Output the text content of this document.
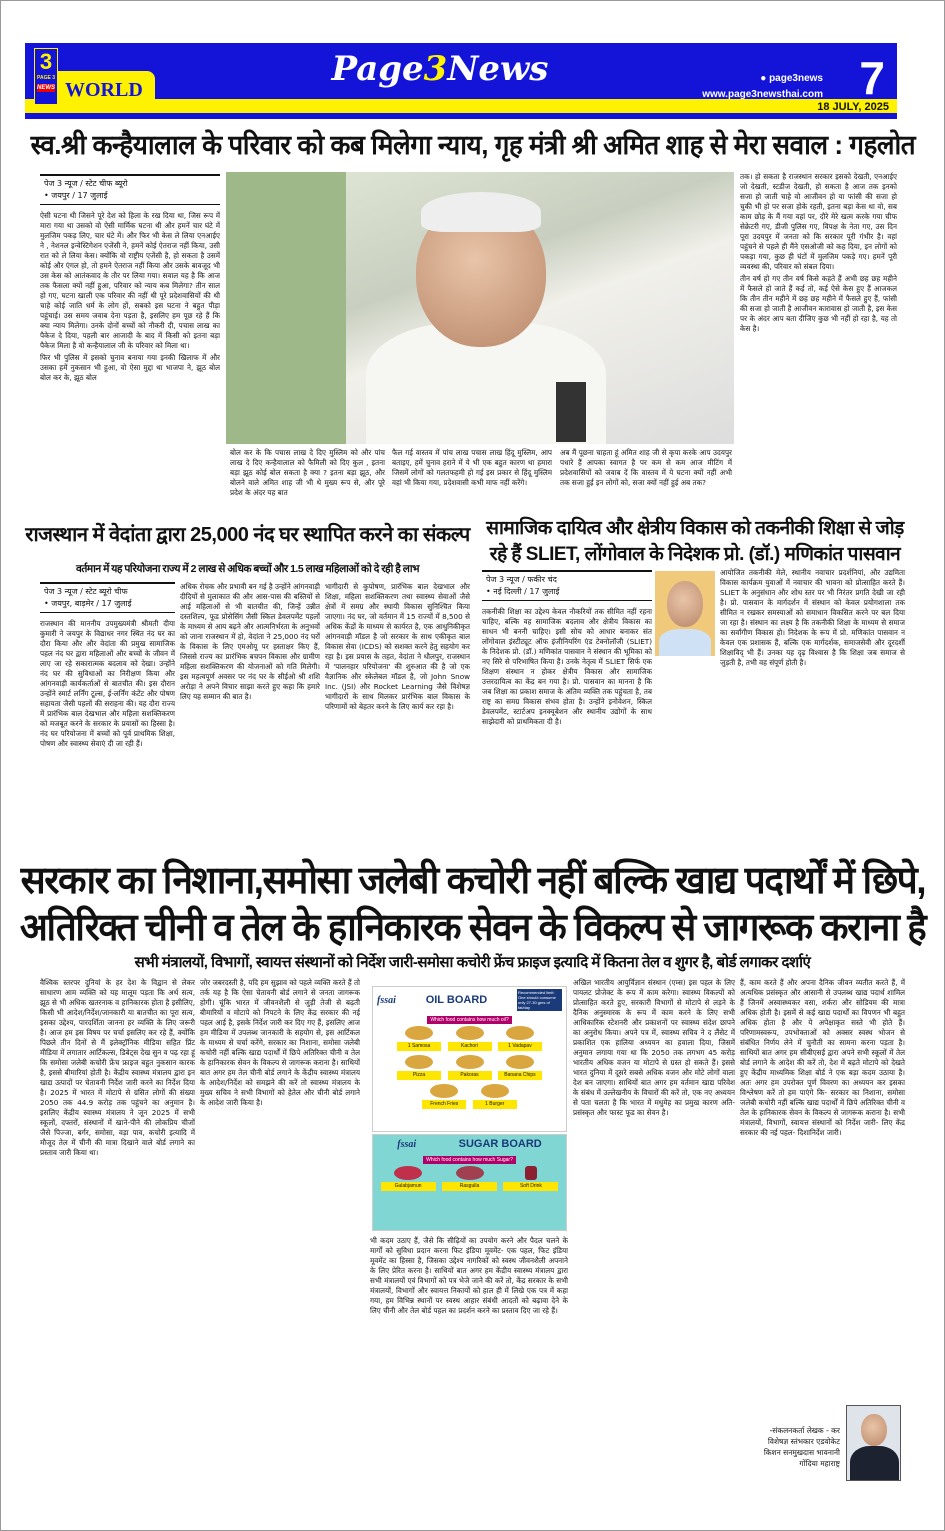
3
PAGE 3
NEWS WORLD
Page3News	● page3news
www.page3newsthai.com 7
18 JULY, 2025
स्व.श्री कन्हैयालाल के परिवार को कब मिलेगा न्याय, गृह मंत्री श्री अमित शाह से मेरा सवाल : गहलोत
पेज 3 न्यूज / स्टेट चीफ ब्यूरो
• जयपुर / 17 जुलाई

ऐसी घटना थी जिसने पूरे देश को हिला के रख दिया था, जिस रूप में मारा गया था उसको वो ऐसी मार्मिक घटना थी और हमनें चार घंटे में मुलजिम पकड़ लिए, चार घंटे में। और फिर भी केस ले लिया एनआईए ने , नेशनल इन्वेस्टिगेशन एजेंसी ने, हमनें कोई ऐतराज नहीं किया, उसी रात को ले लिया केस। क्योंकि वो राष्ट्रीय एजेंसी है, हो सकता है उसमें कोई और एंगल हो, तो हमने ऐतराज नहीं किया और उसके बावजूद भी उस केस को आतंकवाद के तौर पर लिया गया। सवाल यह है कि आज तक फैसला क्यों नहीं हुआ, परिवार को न्याय कब मिलेगा? तीन साल हो गए, घटना खाली एक परिवार की नहीं थी पूरे प्रदेशवासियों की थी चाहे कोई जाति धर्म के लोग हों, सबको इस घटना ने बहुत पीड़ा पहुंचाई। उस समय जवाब देना पड़ता है, इसलिए हम पूछ रहे हैं कि क्या न्याय मिलेगा। उनके दोनों बच्चों को नौकरी दी, पचास लाख का पैकेज दे दिया, पहली बार आजादी के बाद में किसी को इतना बड़ा पैकेज मिला है वो कन्हैयालाल जी के परिवार को मिला था।

फिर भी पुलिस में इसको चुनाव बनाया गया इनकी खिलाफ में और उसका हमें नुकसान भी हुआ, वो ऐसा मुद्दा था भाजपा ने, झूठ बोल बोल कर के, झूठ बोल

बोल कर के कि पचास लाख दे दिए मुस्लिम को और पांच लाख दे दिए कन्हैयालाल को फैमिली को दिए कुल , इतना बड़ा झूठ कोई बोल सकता है क्या ? इतना बड़ा झूठ, और बोलने वाले अमित शाह जी भी थे मुख्य रूप से, और पूरे प्रदेश के अंदर यह बात
फैल गई वास्तव में पांच लाख पचास लाख हिंदू मुस्लिम, आप बताइए, हमें चुनाव हराने में ये भी एक बहुत कारण था हमारा जिसमें लोगों को गलतफहमी हो गई इस प्रकार से हिंदू मुस्लिम वहां भी किया गया, प्रदेशवासी कभी माफ नहीं करेंगे।
अब मैं पूछना चाहता हूं अमित शाह जी से कृपा करके आप उदयपुर पधारे हैं आपका स्वागत है पर कम से कम आज मीटिंग में प्रदेशवासियों को जवाब दें कि वास्तव में ये घटना क्यों नहीं अभी तक सजा हुई इन लोगों को, सजा क्यों नहीं हुई अब तक?

तक। हो सकता है राजस्थान सरकार इसको देखती, एनआईए जो देखती, स्टडीज देखती, हो सकता है आज तक इनको सजा हो जाती चाहे वो आजीवन हो या फांसी की सजा हो चुकी भी हो पर सजा होके रहती, इतना बड़ा केस था वो, सब काम छोड़ के मैं गया वहां पर, दौरे मेरे खत्म करके गया चीफ सेक्रेटरी गए, डीजी पुलिस गए, विपक्ष के नेता गए, उस दिन पूरा उदयपुर में जनता को कि सरकार पूरी गंभीर है। वहां पहुंचने से पहले ही मैंने एसओजी को कह दिया, इन लोगों को पकड़ा गया, कुछ ही घंटों में मुलजिम पकड़े गए। हमनें पूरी व्यवस्था की, परिवार को संबल दिया।

तीन वर्ष हो गए तीन वर्ष किसे कहते हैं अभी छह छह महीने में फैसले हो जाते हैं कई तो, कई ऐसे केस हुए हैं आजकल कि तीन तीन महीने में छह छह महीने में फैसले हुए हैं, फांसी की सजा हो जाती है आजीवन कारावास हो जाती है, इस केस पर के अंदर आप बता दीजिए कुछ भी नहीं हो रहा है, यह तो केस है।

राजस्थान में वेदांता द्वारा 25,000 नंद घर स्थापित करने का संकल्प
वर्तमान में यह परियोजना राज्य में 2 लाख से अधिक बच्चों और 1.5 लाख महिलाओं को दे रही है लाभ
पेज 3 न्यूज / स्टेट ब्यूरो चीफ
• जयपुर, बाड़मेर / 17 जुलाई

राजस्थान की माननीय उपमुख्यमंत्री श्रीमती दीया कुमारी ने जयपुर के विद्याधर नगर स्थित नंद घर का दौरा किया और और वेदांता की प्रमुख सामाजिक पहल नंद घर द्वारा महिलाओं और बच्चों के जीवन में लाए जा रहे सकारात्मक बदलाव को देखा। उन्होंने नंद घर की सुविधाओं का निरीक्षण किया और आंगनवाड़ी कार्यकर्ताओं से बातचीत की। इस दौरान उन्होंने स्मार्ट लर्निंग टूल्स, ई-लर्निंग कंटेंट और पोषण सहायता जैसी पहलों की सराहना की। यह दौरा राज्य में प्रारंभिक बाल देखभाल और महिला सशक्तिकरण को मजबूत करने के सरकार के प्रयासों का हिस्सा है। नंद घर परियोजना में बच्चों को पूर्व प्राथमिक शिक्षा, पोषण और स्वास्थ्य सेवाएं दी जा रही हैं।

अधिक रोचक और प्रभावी बन गई है उन्होंने आंगनवाड़ी दीदियों से मुलाकात की और आस-पास की बस्तियों से आई महिलाओं से भी बातचीत की, जिन्हें उन्नीत दस्तशिल्प, फूड प्रोसेसिंग जैसी स्किल डेवलपमेंट पहलों के माध्यम से आय बढ़ने और आत्मनिर्भरता के अनुभवों को जाना राजस्थान में हो, वेदांता ने 25,000 नंद घरों के विकास के लिए एमओयू पर हस्ताक्षर किए हैं, जिससे राज्य का प्रारंभिक बचपन विकास और ग्रामीण महिला सशक्तिकरण की योजनाओं को गति मिलेगी। इस महत्वपूर्ण अवसर पर नंद घर के सीईओ श्री शशि अरोड़ा ने अपने विचार साझा करते हुए कहा कि हमारे लिए यह सम्मान की बात है।
भागीदारी से कुपोषण, प्रारंभिक बाल देखभाल और शिक्षा, महिला सशक्तिकरण तथा स्वास्थ्य सेवाओं जैसे क्षेत्रों में समग्र और स्थायी विकास सुनिश्चित किया जाएगा। नंद घर, जो वर्तमान में 15 राज्यों में 8,500 से अधिक केंद्रों के माध्यम से कार्यरत है, एक आधुनिकीकृत आंगनवाड़ी मॉडल है जो सरकार के साथ एकीकृत बाल विकास सेवा (ICDS) को सशक्त करने हेतु सहयोग कर रहा है। इस प्रयास के तहत, वेदांता ने धौलपुर, राजस्थान में 'पालनहार परियोजना' की शुरुआत की है जो एक वैज्ञानिक और स्केलेबल मॉडल है, जो John Snow Inc. (JSI) और Rocket Learning जैसे विशेषज्ञ भागीदारों के साथ मिलकर प्रारंभिक बाल विकास के परिणामों को बेहतर करने के लिए कार्य कर रहा है।
सामाजिक दायित्व और क्षेत्रीय विकास को तकनीकी शिक्षा से जोड़
रहे हैं SLIET, लोंगोवाल के निदेशक प्रो. (डॉ.) मणिकांत पासवान
पेज 3 न्यूज / फकीर चंद
• नई दिल्ली / 17 जुलाई

तकनीकी शिक्षा का उद्देश्य केवल नौकरियों तक सीमित नहीं रहना चाहिए, बल्कि वह सामाजिक बदलाव और क्षेत्रीय विकास का साधन भी बननी चाहिए। इसी सोच को आधार बनाकर संत लोंगोवाल इंस्टीट्यूट ऑफ इंजीनियरिंग एंड टेक्नोलॉजी (SLIET) के निदेशक प्रो. (डॉ.) मणिकांत पासवान ने संस्थान की भूमिका को नए सिरे से परिभाषित किया है। उनके नेतृत्व में SLIET सिर्फ एक शिक्षण संस्थान न होकर क्षेत्रीय विकास और सामाजिक उत्तरदायित्व का केंद्र बन गया है। प्रो. पासवान का मानना है कि जब शिक्षा का प्रकाश समाज के अंतिम व्यक्ति तक पहुंचता है, तब राष्ट्र का समग्र विकास संभव होता है। उन्होंने इनोवेशन, स्किल डेवलपमेंट, स्टार्टअप इनक्यूबेशन और स्थानीय उद्योगों के साथ साझेदारी को प्राथमिकता दी है।

आयोजित तकनीकी मेले, स्थानीय नवाचार प्रदर्शनियां, और उद्यमिता विकास कार्यक्रम युवाओं में नवाचार की भावना को प्रोत्साहित करते हैं। SLIET के अनुसंधान और शोध स्तर पर भी निरंतर प्रगति देखी जा रही है। प्रो. पासवान के मार्गदर्शन में संस्थान को केवल प्रयोगशाला तक सीमित न रखकर समस्याओं को समाधान विकसित करने पर बल दिया जा रहा है। संस्थान का लक्ष्य है कि तकनीकी शिक्षा के माध्यम से समाज का सर्वांगीण विकास हो। निदेशक के रूप में प्रो. मणिकांत पासवान न केवल एक प्रशासक हैं, बल्कि एक मार्गदर्शक, समाजसेवी और दूरदर्शी शिक्षाविद् भी हैं। उनका यह दृढ़ विश्वास है कि शिक्षा जब समाज से जुड़ती है, तभी वह संपूर्ण होती है।
सरकार का निशाना,समोसा जलेबी कचोरी नहीं बल्कि खाद्य पदार्थों में छिपे,
अतिरिक्त चीनी व तेल के हानिकारक सेवन के विकल्प से जागरूक कराना है
सभी मंत्रालयों, विभागों, स्वायत्त संस्थानों को निर्देश जारी-समोसा कचोरी फ्रेंच फ्राइज इत्यादि में कितना तेल व शुगर है, बोर्ड लगाकर दर्शाएं
वैश्विक स्तरपर दुनियां के हर देश के विद्वान से लेकर साधारण आम व्यक्ति को यह मालूम पड़ता कि अर्थ सत्य, झूठ से भी अधिक खतरनाक व हानिकारक होता है इसीलिए, किसी भी आदेश/निर्देश/जानकारी या बातचीत का पूरा सत्य, इसका उद्देश्य, पारदर्शिता जानना हर व्यक्ति के लिए जरूरी है। आज हम इस विषय पर चर्चा इसलिए कर रहे हैं, क्योंकि पिछले तीन दिनों से मैं इलेक्ट्रॉनिक मीडिया सहित प्रिंट मीडिया में लगातार आर्टिकल्स, डिबेट्स देख सुन व पढ़ रहा हूं कि समोसा जलेबी कचोरी फ्रेंच फ्राइज बहुत नुकसान कारक है, इससे बीमारियां होती है। केंद्रीय स्वास्थ्य मंत्रालय द्वारा इन खाद्य उत्पादों पर चेतावनी निर्देश जारी करने का निर्देश दिया है। 2025 में भारत में मोटापे से ग्रसित लोगों की संख्या 2050 तक 44.9 करोड़ तक पहुंचने का अनुमान है। इसलिए केंद्रीय स्वास्थ्य मंत्रालय ने जून 2025 में सभी स्कूलों, दफ्तरों, संस्थानों में खाने-पीने की लोकप्रिय चीजों जैसे पिज्जा, बर्गर, समोसा, वड़ा पाव, कचोरी इत्यादि में मौजूद तेल में चीनी की मात्रा दिखाने वाले बोर्ड लगाने का प्रस्ताव जारी किया था।
जोर जबरदस्ती है, यदि हम सुझाव को पहले व्यक्ति करते हैं तो तर्क यह है कि ऐसा चेतावनी बोर्ड लगाने से जनता जागरूक होगी। चूंकि भारत में जीवनशैली से जुड़ी तेजी से बढ़ती बीमारियों व मोटापे को निपटने के लिए केंद्र सरकार की नई पहल आई है, इसके निर्देश जारी कर दिए गए हैं, इसलिए आज हम मीडिया में उपलब्ध जानकारी के सहयोग से, इस आर्टिकल के माध्यम से चर्चा करेंगे, सरकार का निशाना, समोसा जलेबी कचोरी नहीं बल्कि खाद्य पदार्थों में छिपे अतिरिक्त चीनी व तेल के हानिकारक सेवन के विकल्प से जागरूक कराना है। साथियों बात अगर हम तेल चीनी बोर्ड लगाने के केंद्रीय स्वास्थ्य मंत्रालय के आदेश/निर्देश को समझने की करें तो स्वास्थ्य मंत्रालय के मुख्य सचिव ने सभी विभागों को हेतेल और चीनी बोर्ड लगाने के आदेश जारी किया है।
fssai	OIL BOARD
Recommended limit: One should consume only 27-30 gms of fat/day
Which food contains how much oil?
1 Samosa
	Kachori
	1 Vadapav

Pizza
	Pakoras
	Banana Chips

French Fries
	1 Burger
fssai	SUGAR BOARD
Which food contains how much Sugar?
Gulabjamun
	Rasgulla
	Soft Drink
भी कदम उठाए हैं, जैसे कि सीढ़ियों का उपयोग करने और पैदल चलने के मार्गों को सुविधा प्रदान करना फिट इंडिया मूवमेंट- एक पहल, फिट इंडिया मूवमेंट का हिस्सा है, जिसका उद्देश्य नागरिकों को स्वस्थ जीवनशैली अपनाने के लिए प्रेरित करना है। साथियों बात अगर हम केंद्रीय स्वास्थ्य मंत्रालय द्वारा सभी मंत्रालयों एवं विभागों को पत्र भेजे जाने की करें तो, केंद्र सरकार के सभी मंत्रालयों, विभागों और स्वायत्त निकायों को हाल ही में लिखे एक पत्र में कहा गया, हम विभिन्न स्थानों पर स्वस्थ आहार संबंधी आदतों को बढ़ावा देने के लिए चीनी और तेल बोर्ड पहल का प्रदर्शन करने का प्रस्ताव दिए जा रहे हैं।
अखिल भारतीय आयुर्विज्ञान संस्थान (एम्स) इस पहल के लिए पायलट प्रोजेक्ट के रूप में काम करेगा। स्वास्थ्य विकल्पों को प्रोत्साहित करते हुए, सरकारी विभागों से मोटापे से लड़ने के दैनिक अनुस्मारक के रूप में काम करने के लिए सभी आधिकारिक स्टेशनरी और प्रकाशनों पर स्वास्थ्य संदेश छापने का अनुरोध किया। अपने पत्र में, स्वास्थ्य सचिव ने द लैंसेट में प्रकाशित एक हालिया अध्ययन का हवाला दिया, जिसमें अनुमान लगाया गया था कि 2050 तक लगभग 45 करोड़ भारतीय अधिक वजन या मोटापे से ग्रस्त हो सकते हैं। इससे भारत दुनिया में दूसरे सबसे अधिक वजन और मोटे लोगों वाला देश बन जाएगा। साथियों बात अगर हम वर्तमान खाद्य परिवेश के संबंध में उल्लेखनीय के विचारों की करें तो, एक नए अध्ययन से पता चलता है कि भारत में मधुमेह का प्रमुख कारण अति-प्रसंस्कृत और फास्ट फूड का सेवन है।
हैं, काम करते हैं और अपना दैनिक जीवन व्यतीत करते हैं, में अत्यधिक प्रसंस्कृत और आसानी से उपलब्ध खाद्य पदार्थ शामिल हैं जिनमें अस्वास्थ्यकर वसा, शर्करा और सोडियम की मात्रा अधिक होती है। इसमें से कई खाद्य पदार्थों का विपणन भी बहुत अधिक होता है और ये अपेक्षाकृत सस्ते भी होते हैं। परिणामस्वरूप, उपभोक्ताओं को अक्सर स्वस्थ भोजन से संबंधित निर्णय लेने में चुनौती का सामना करना पड़ता है। साथियों बात अगर हम सीबीएसई द्वारा अपने सभी स्कूलों में तेल बोर्ड लगाने के आदेश की करें तो, देश में बढ़ते मोटापे को देखते हुए केंद्रीय माध्यमिक शिक्षा बोर्ड ने एक बड़ा कदम उठाया है। अतः अगर हम उपरोक्त पूर्ण विवरण का अध्ययन कर इसका विश्लेषण करें तो हम पाएंगे कि- सरकार का निशाना, समोसा जलेबी कचोरी नहीं बल्कि खाद्य पदार्थों में छिपे अतिरिक्त चीनी व तेल के हानिकारक सेवन के विकल्प से जागरूक कराना है। सभी मंत्रालयों, विभागों, स्वायत्त संस्थानों को निर्देश जारी- लिए केंद्र सरकार की नई पहल- दिशानिर्देश जारी।
-संकलनकर्ता लेखक - कर
विशेषज्ञ स्तंभकार एडवोकेट
किशन सनमुखदास भावनानी
गोंदिया महाराष्ट्र
